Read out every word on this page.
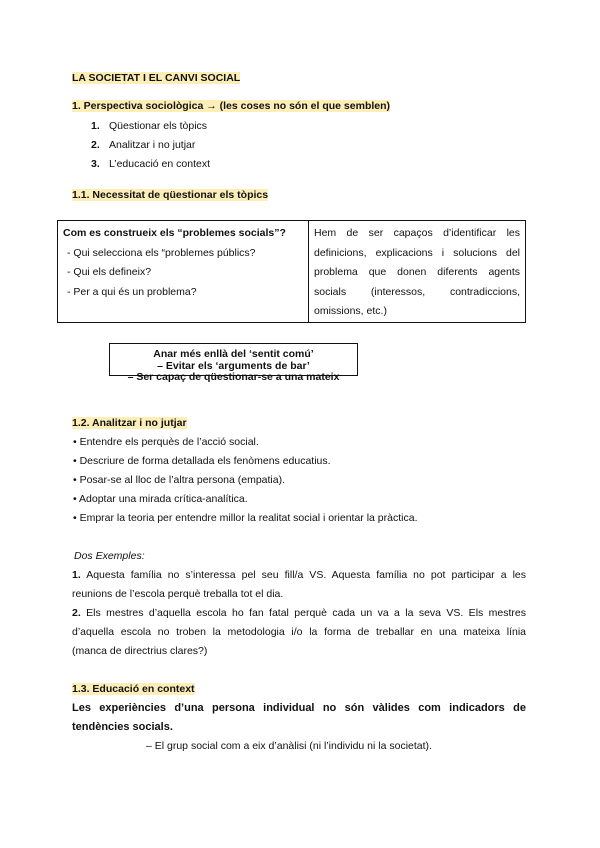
LA SOCIETAT I EL CANVI SOCIAL
1. Perspectiva sociològica → (les coses no són el que semblen)
1. Qüestionar els tòpics
2. Analitzar i no jutjar
3. L’educació en context
1.1. Necessitat de qüestionar els tòpics
Com es construeix els “problemes socials”?
- Qui selecciona els “problemes públics?
- Qui els defineix?
- Per a qui és un problema?

Hem de ser capaços d’identificar les
definicions, explicacions i solucions del
problema que donen diferents agents
socials (interessos, contradiccions,
omissions, etc.)
Anar més enllà del ‘sentit comú’
– Evitar els ‘arguments de bar’
– Ser capaç de qüestionar-se a una mateix
1.2. Analitzar i no jutjar
• Entendre els perquès de l’acció social.
• Descriure de forma detallada els fenòmens educatius.
• Posar-se al lloc de l’altra persona (empatia).
• Adoptar una mirada crítica-analítica.
• Emprar la teoria per entendre millor la realitat social i orientar la pràctica.
Dos Exemples:
1. Aquesta família no s’interessa pel seu fill/a VS. Aquesta família no pot participar a les
reunions de l’escola perquè treballa tot el dia.
2. Els mestres d’aquella escola ho fan fatal perquè cada un va a la seva VS. Els mestres
d’aquella escola no troben la metodologia i/o la forma de treballar en una mateixa línia
(manca de directrius clares?)
1.3. Educació en context
Les experiències d’una persona individual no són vàlides com indicadors de
tendències socials.
– El grup social com a eix d’anàlisi (ni l’individu ni la societat).
